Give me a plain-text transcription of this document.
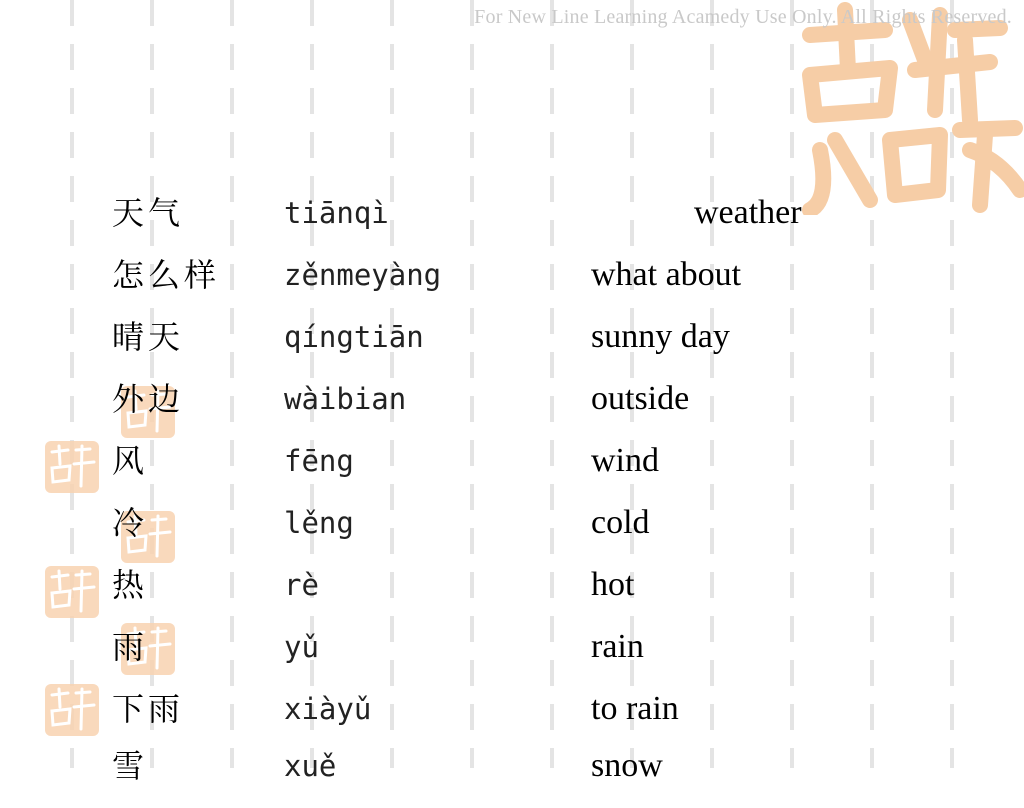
For New Line Learning Acamedy Use Only. All Rights Reserved.
天气	tiānqì	weather
怎么样 zěnmeyàng	what about
晴天	qíngtiān	sunny day
外边	wàibian	outside
风	fēng	wind
冷	lěng	cold
热	rè	hot
雨	yǔ	rain
下雨	xiàyǔ	to rain
雪	xuě	snow
